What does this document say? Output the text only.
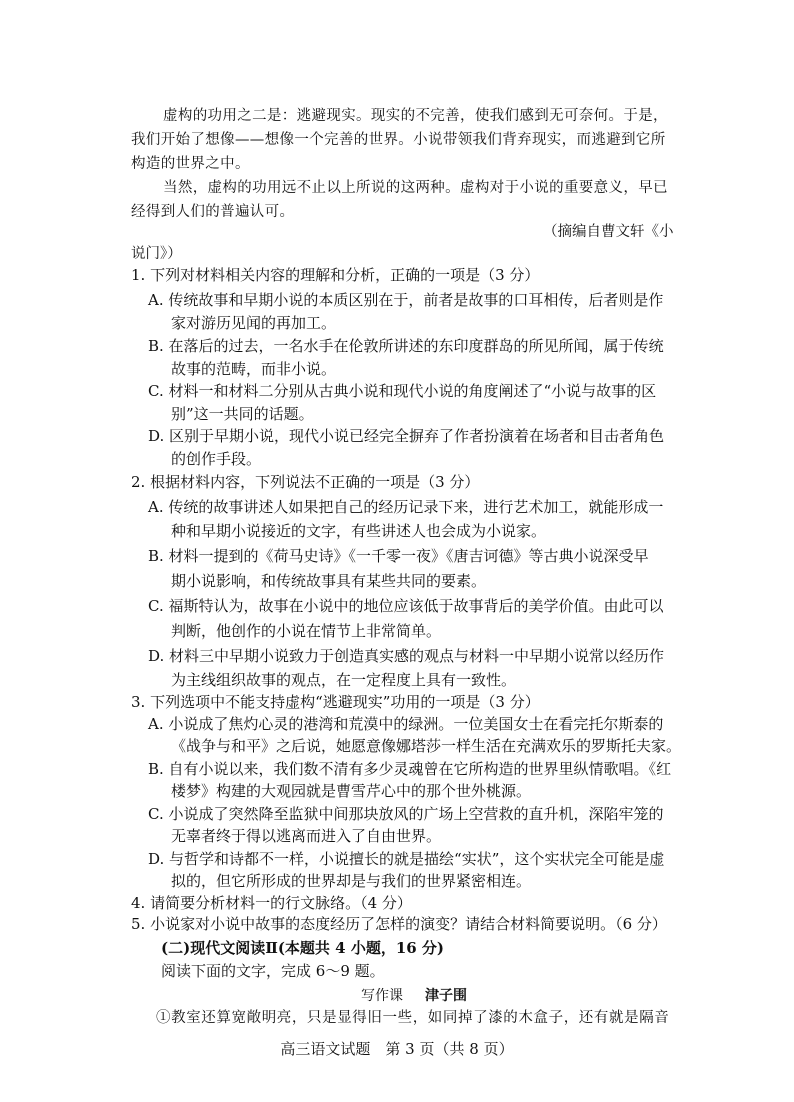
虚构的功用之二是：逃避现实。现实的不完善，使我们感到无可奈何。于是，
我们开始了想像——想像一个完善的世界。小说带领我们背弃现实，而逃避到它所
构造的世界之中。
当然，虚构的功用远不止以上所说的这两种。虚构对于小说的重要意义，早已
经得到人们的普遍认可。
（摘编自曹文轩《小
说门》）
1. 下列对材料相关内容的理解和分析，正确的一项是（3 分）
A. 传统故事和早期小说的本质区别在于，前者是故事的口耳相传，后者则是作
家对游历见闻的再加工。
B. 在落后的过去，一名水手在伦敦所讲述的东印度群岛的所见所闻，属于传统
故事的范畴，而非小说。
C. 材料一和材料二分别从古典小说和现代小说的角度阐述了“小说与故事的区
别”这一共同的话题。
D. 区别于早期小说，现代小说已经完全摒弃了作者扮演着在场者和目击者角色
的创作手段。
2. 根据材料内容，下列说法不正确的一项是（3 分）
A. 传统的故事讲述人如果把自己的经历记录下来，进行艺术加工，就能形成一
种和早期小说接近的文字，有些讲述人也会成为小说家。
B. 材料一提到的《荷马史诗》《一千零一夜》《唐吉诃德》等古典小说深受早
期小说影响，和传统故事具有某些共同的要素。
C. 福斯特认为，故事在小说中的地位应该低于故事背后的美学价值。由此可以
判断，他创作的小说在情节上非常简单。
D. 材料三中早期小说致力于创造真实感的观点与材料一中早期小说常以经历作
为主线组织故事的观点，在一定程度上具有一致性。
3. 下列选项中不能支持虚构“逃避现实”功用的一项是（3 分）
A. 小说成了焦灼心灵的港湾和荒漠中的绿洲。一位美国女士在看完托尔斯泰的
《战争与和平》之后说，她愿意像娜塔莎一样生活在充满欢乐的罗斯托夫家。
B. 自有小说以来，我们数不清有多少灵魂曾在它所构造的世界里纵情歌唱。《红
楼梦》构建的大观园就是曹雪芹心中的那个世外桃源。
C. 小说成了突然降至监狱中间那块放风的广场上空营救的直升机，深陷牢笼的
无辜者终于得以逃离而进入了自由世界。
D. 与哲学和诗都不一样，小说擅长的就是描绘“实状”，这个实状完全可能是虚
拟的，但它所形成的世界却是与我们的世界紧密相连。
4. 请简要分析材料一的行文脉络。（4 分）
5. 小说家对小说中故事的态度经历了怎样的演变？请结合材料简要说明。（6 分）
(二)现代文阅读Ⅱ(本题共 4 小题，16 分)
阅读下面的文字，完成 6～9 题。
写作课 津子围
①教室还算宽敞明亮，只是显得旧一些，如同掉了漆的木盒子，还有就是隔音
高三语文试题　第 3 页（共 8 页）
